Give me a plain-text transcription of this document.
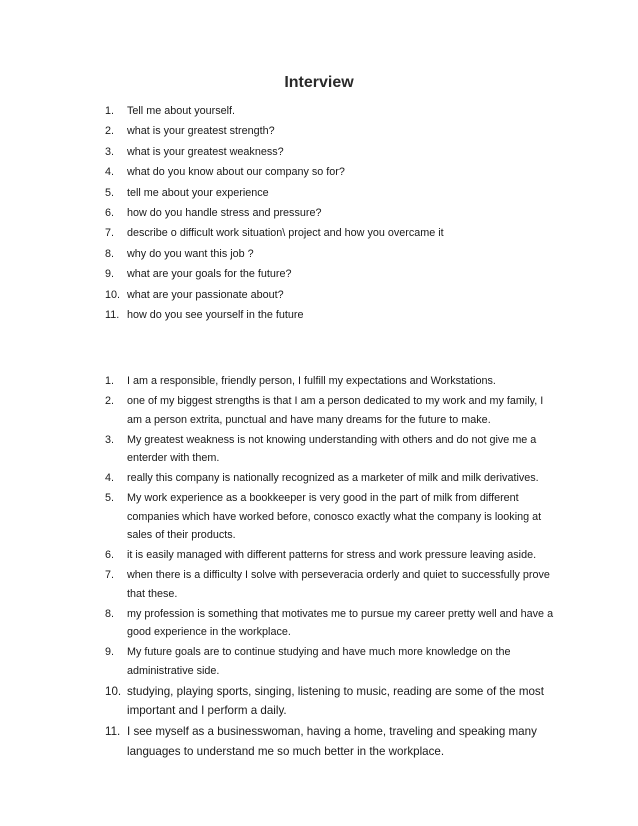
Interview
1. Tell me about yourself.
2. what is your greatest strength?
3. what is your greatest weakness?
4. what do you know about our company so for?
5. tell me about your experience
6. how do you handle stress and pressure?
7. describe o difficult work situation\ project and how you overcame it
8. why do you want this job ?
9. what are your goals for the future?
10. what are your passionate about?
11. how do you see yourself in the future
1. I am a responsible, friendly person, I fulfill my expectations and Workstations.
2. one of my biggest strengths is that I am a person dedicated to my work and my family, I am a person extrita, punctual and have many dreams for the future to make.
3. My greatest weakness is not knowing understanding with others and do not give me a enterder with them.
4. really this company is nationally recognized as a marketer of milk and milk derivatives.
5. My work experience as a bookkeeper is very good in the part of milk from different companies which have worked before, conosco exactly what the company is looking at sales of their products.
6. it is easily managed with different patterns for stress and work pressure leaving aside.
7. when there is a difficulty I solve with perseveracia orderly and quiet to successfully prove that these.
8. my profession is something that motivates me to pursue my career pretty well and have a good experience in the workplace.
9. My future goals are to continue studying and have much more knowledge on the administrative side.
10. studying, playing sports, singing, listening to music, reading are some of the most important and I perform a daily.
11. I see myself as a businesswoman, having a home, traveling and speaking many languages to understand me so much better in the workplace.
